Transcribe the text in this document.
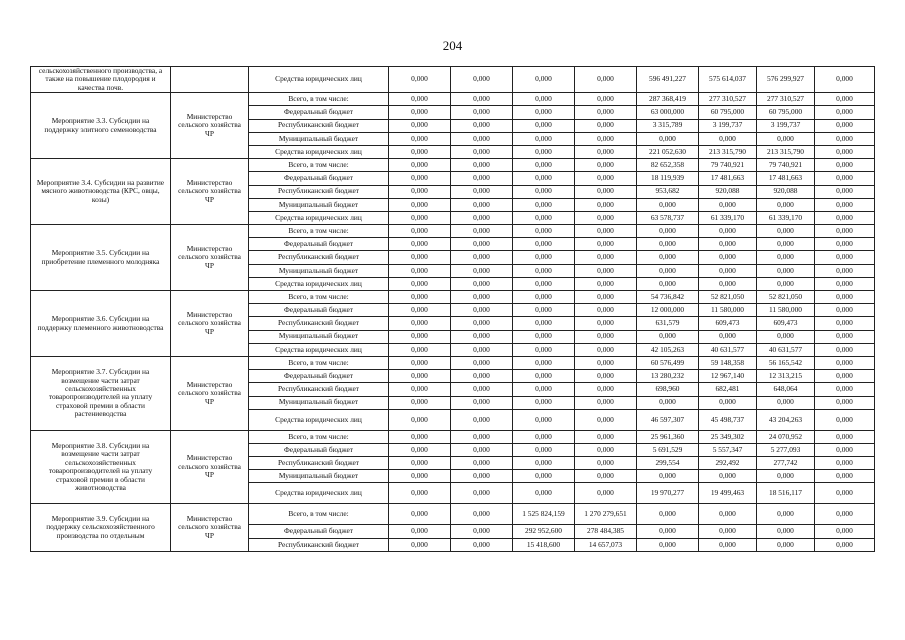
204
сельскохозяйственного производства, а также на повышение плодородия и качества почв.		Средства юридических лиц	0,000	0,000	0,000	0,000	596 491,227	575 614,037	576 299,927	0,000
Мероприятие 3.3. Субсидии на поддержку элитного семеноводства	Министерство сельского хозяйства ЧР	Всего, в том числе:	0,000	0,000	0,000	0,000	287 368,419	277 310,527	277 310,527	0,000
		Федеральный бюджет	0,000	0,000	0,000	0,000	63 000,000	60 795,000	60 795,000	0,000
		Республиканский бюджет	0,000	0,000	0,000	0,000	3 315,789	3 199,737	3 199,737	0,000
		Муниципальный бюджет	0,000	0,000	0,000	0,000	0,000	0,000	0,000	0,000
		Средства юридических лиц	0,000	0,000	0,000	0,000	221 052,630	213 315,790	213 315,790	0,000
Мероприятие 3.4. Субсидии на развитие мясного животноводства (КРС, овцы, козы)	Министерство сельского хозяйства ЧР	Всего, в том числе:	0,000	0,000	0,000	0,000	82 652,358	79 740,921	79 740,921	0,000
		Федеральный бюджет	0,000	0,000	0,000	0,000	18 119,939	17 481,663	17 481,663	0,000
		Республиканский бюджет	0,000	0,000	0,000	0,000	953,682	920,088	920,088	0,000
		Муниципальный бюджет	0,000	0,000	0,000	0,000	0,000	0,000	0,000	0,000
		Средства юридических лиц	0,000	0,000	0,000	0,000	63 578,737	61 339,170	61 339,170	0,000
Мероприятие 3.5. Субсидии на приобретение племенного молодняка	Министерство сельского хозяйства ЧР	Всего, в том числе:	0,000	0,000	0,000	0,000	0,000	0,000	0,000	0,000
		Федеральный бюджет	0,000	0,000	0,000	0,000	0,000	0,000	0,000	0,000
		Республиканский бюджет	0,000	0,000	0,000	0,000	0,000	0,000	0,000	0,000
		Муниципальный бюджет	0,000	0,000	0,000	0,000	0,000	0,000	0,000	0,000
		Средства юридических лиц	0,000	0,000	0,000	0,000	0,000	0,000	0,000	0,000
Мероприятие 3.6. Субсидии на поддержку племенного животноводства	Министерство сельского хозяйства ЧР	Всего, в том числе:	0,000	0,000	0,000	0,000	54 736,842	52 821,050	52 821,050	0,000
		Федеральный бюджет	0,000	0,000	0,000	0,000	12 000,000	11 580,000	11 580,000	0,000
		Республиканский бюджет	0,000	0,000	0,000	0,000	631,579	609,473	609,473	0,000
		Муниципальный бюджет	0,000	0,000	0,000	0,000	0,000	0,000	0,000	0,000
		Средства юридических лиц	0,000	0,000	0,000	0,000	42 105,263	40 631,577	40 631,577	0,000
Мероприятие 3.7. Субсидии на возмещение части затрат сельскохозяйственных товаропроизводителей на уплату страховой премии в области растениеводства	Министерство сельского хозяйства ЧР	Всего, в том числе:	0,000	0,000	0,000	0,000	60 576,499	59 148,358	56 165,542	0,000
		Федеральный бюджет	0,000	0,000	0,000	0,000	13 280,232	12 967,140	12 313,215	0,000
		Республиканский бюджет	0,000	0,000	0,000	0,000	698,960	682,481	648,064	0,000
		Муниципальный бюджет	0,000	0,000	0,000	0,000	0,000	0,000	0,000	0,000
		Средства юридических лиц	0,000	0,000	0,000	0,000	46 597,307	45 498,737	43 204,263	0,000
Мероприятие 3.8. Субсидии на возмещение части затрат сельскохозяйственных товаропроизводителей на уплату страховой премии в области животноводства	Министерство сельского хозяйства ЧР	Всего, в том числе:	0,000	0,000	0,000	0,000	25 961,360	25 349,302	24 070,952	0,000
		Федеральный бюджет	0,000	0,000	0,000	0,000	5 691,529	5 557,347	5 277,093	0,000
		Республиканский бюджет	0,000	0,000	0,000	0,000	299,554	292,492	277,742	0,000
		Муниципальный бюджет	0,000	0,000	0,000	0,000	0,000	0,000	0,000	0,000
		Средства юридических лиц	0,000	0,000	0,000	0,000	19 970,277	19 499,463	18 516,117	0,000
Мероприятие 3.9. Субсидии на поддержку сельскохозяйственного производства по отдельным	Министерство сельского хозяйства ЧР	Всего, в том числе:	0,000	0,000	1 525 824,159	1 270 279,651	0,000	0,000	0,000	0,000
		Федеральный бюджет	0,000	0,000	292 952,600	278 484,385	0,000	0,000	0,000	0,000
		Республиканский бюджет	0,000	0,000	15 418,600	14 657,073	0,000	0,000	0,000	0,000
